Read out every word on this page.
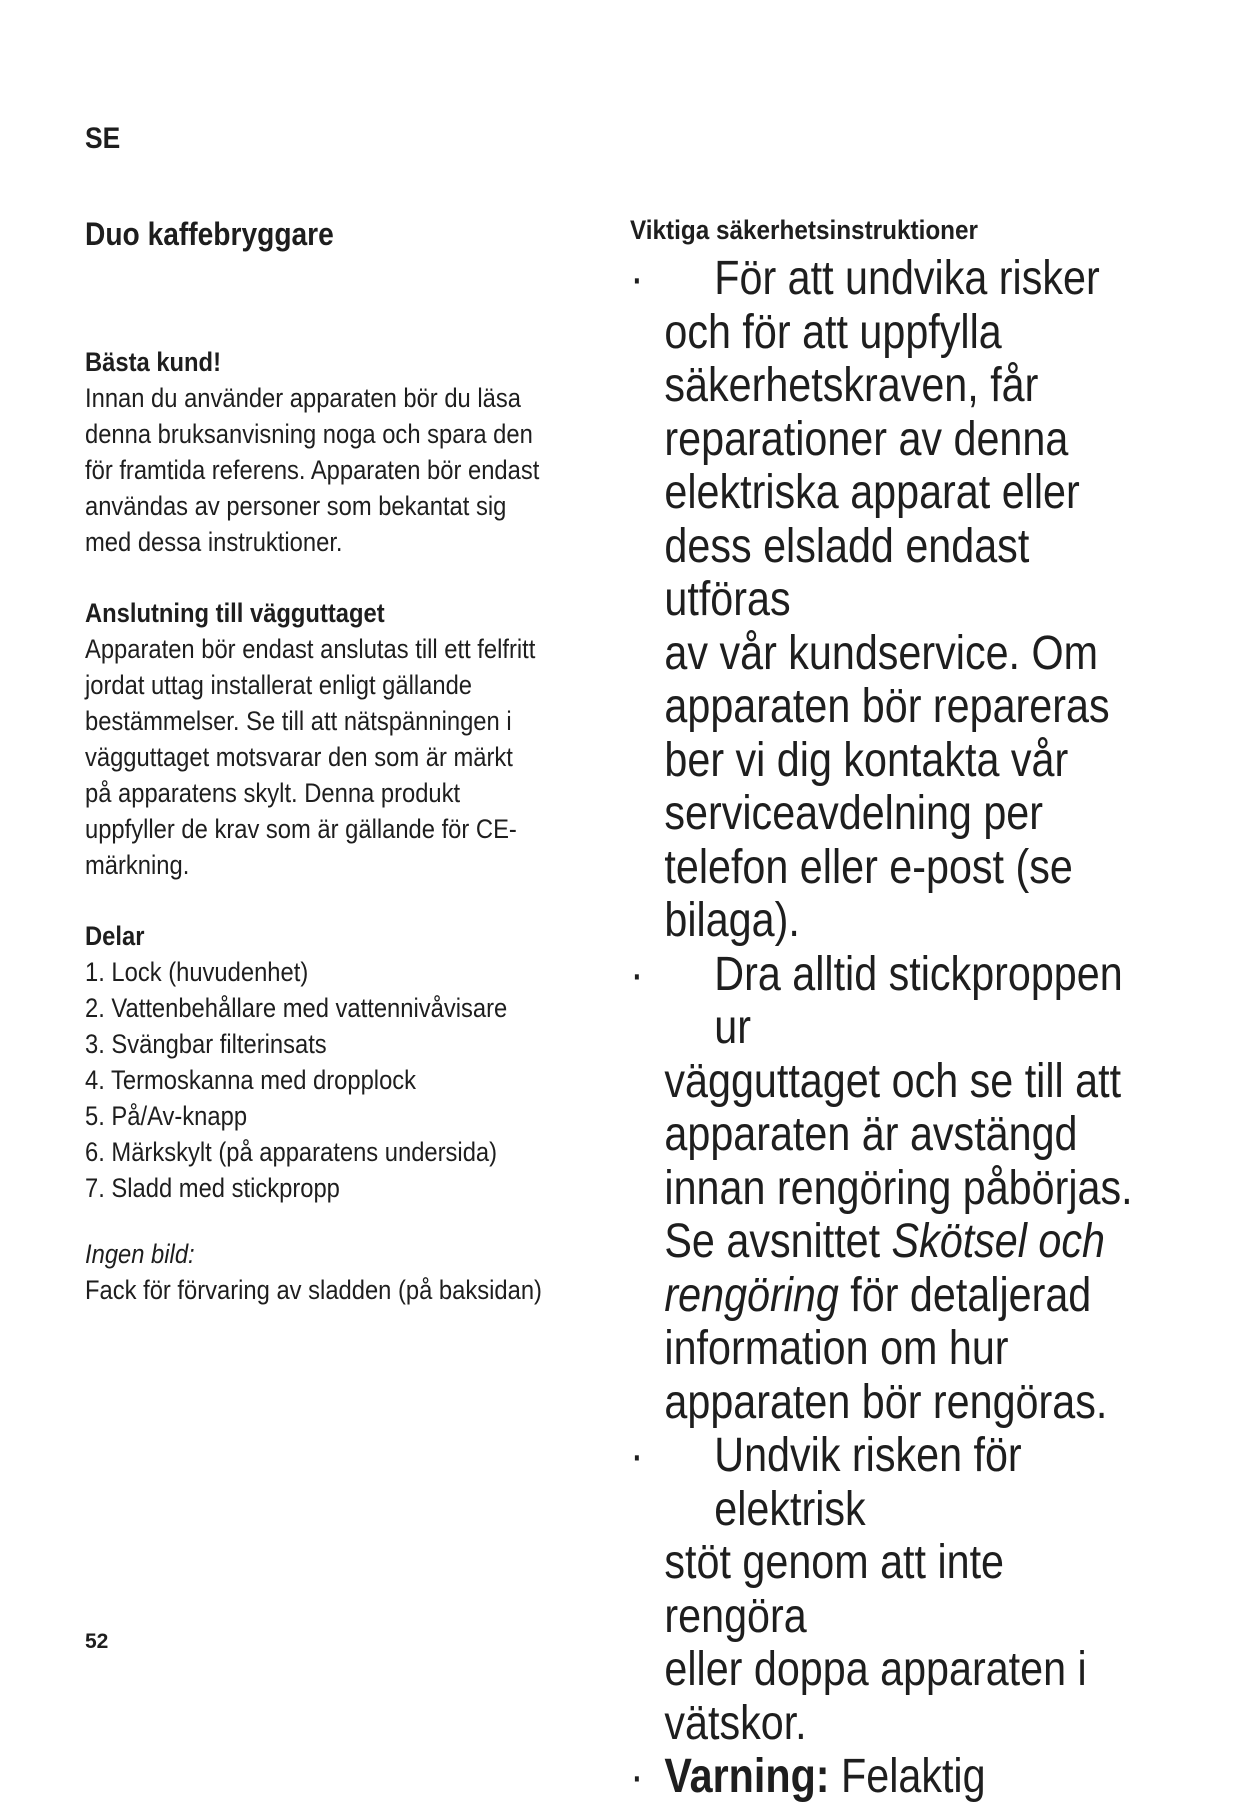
SE
Duo kaffebryggare

Bästa kund!

Innan du använder apparaten bör du läsa

denna bruksanvisning noga och spara den

för framtida referens. Apparaten bör endast

användas av personer som bekantat sig

med dessa instruktioner.

Anslutning till vägguttaget

Apparaten bör endast anslutas till ett felfritt

jordat uttag installerat enligt gällande

bestämmelser. Se till att nätspänningen i

vägguttaget motsvarar den som är märkt

på apparatens skylt. Denna produkt

uppfyller de krav som är gällande för CE-

märkning.

Delar

1. Lock (huvudenhet)
2. Vattenbehållare med vattennivåvisare
3. Svängbar filterinsats
4. Termoskanna med dropplock
5. På/Av-knapp
6. Märkskylt (på apparatens undersida)
7. Sladd med stickpropp

Ingen bild:

Fack för förvaring av sladden (på baksidan)

Viktiga säkerhetsinstruktioner

·	För att undvika risker
och för att uppfylla
säkerhetskraven, får
reparationer av denna
elektriska apparat eller
dess elsladd endast utföras
av vår kundservice. Om
apparaten bör repareras
ber vi dig kontakta vår
serviceavdelning per
telefon eller e-post (se
bilaga).
·	Dra alltid stickproppen ur
vägguttaget och se till att
apparaten är avstängd
innan rengöring påbörjas.
Se avsnittet Skötsel och
rengöring för detaljerad
information om hur
apparaten bör rengöras.
·	Undvik risken för elektrisk
stöt genom att inte rengöra
eller doppa apparaten i
vätskor.
· Varning: Felaktig
52
